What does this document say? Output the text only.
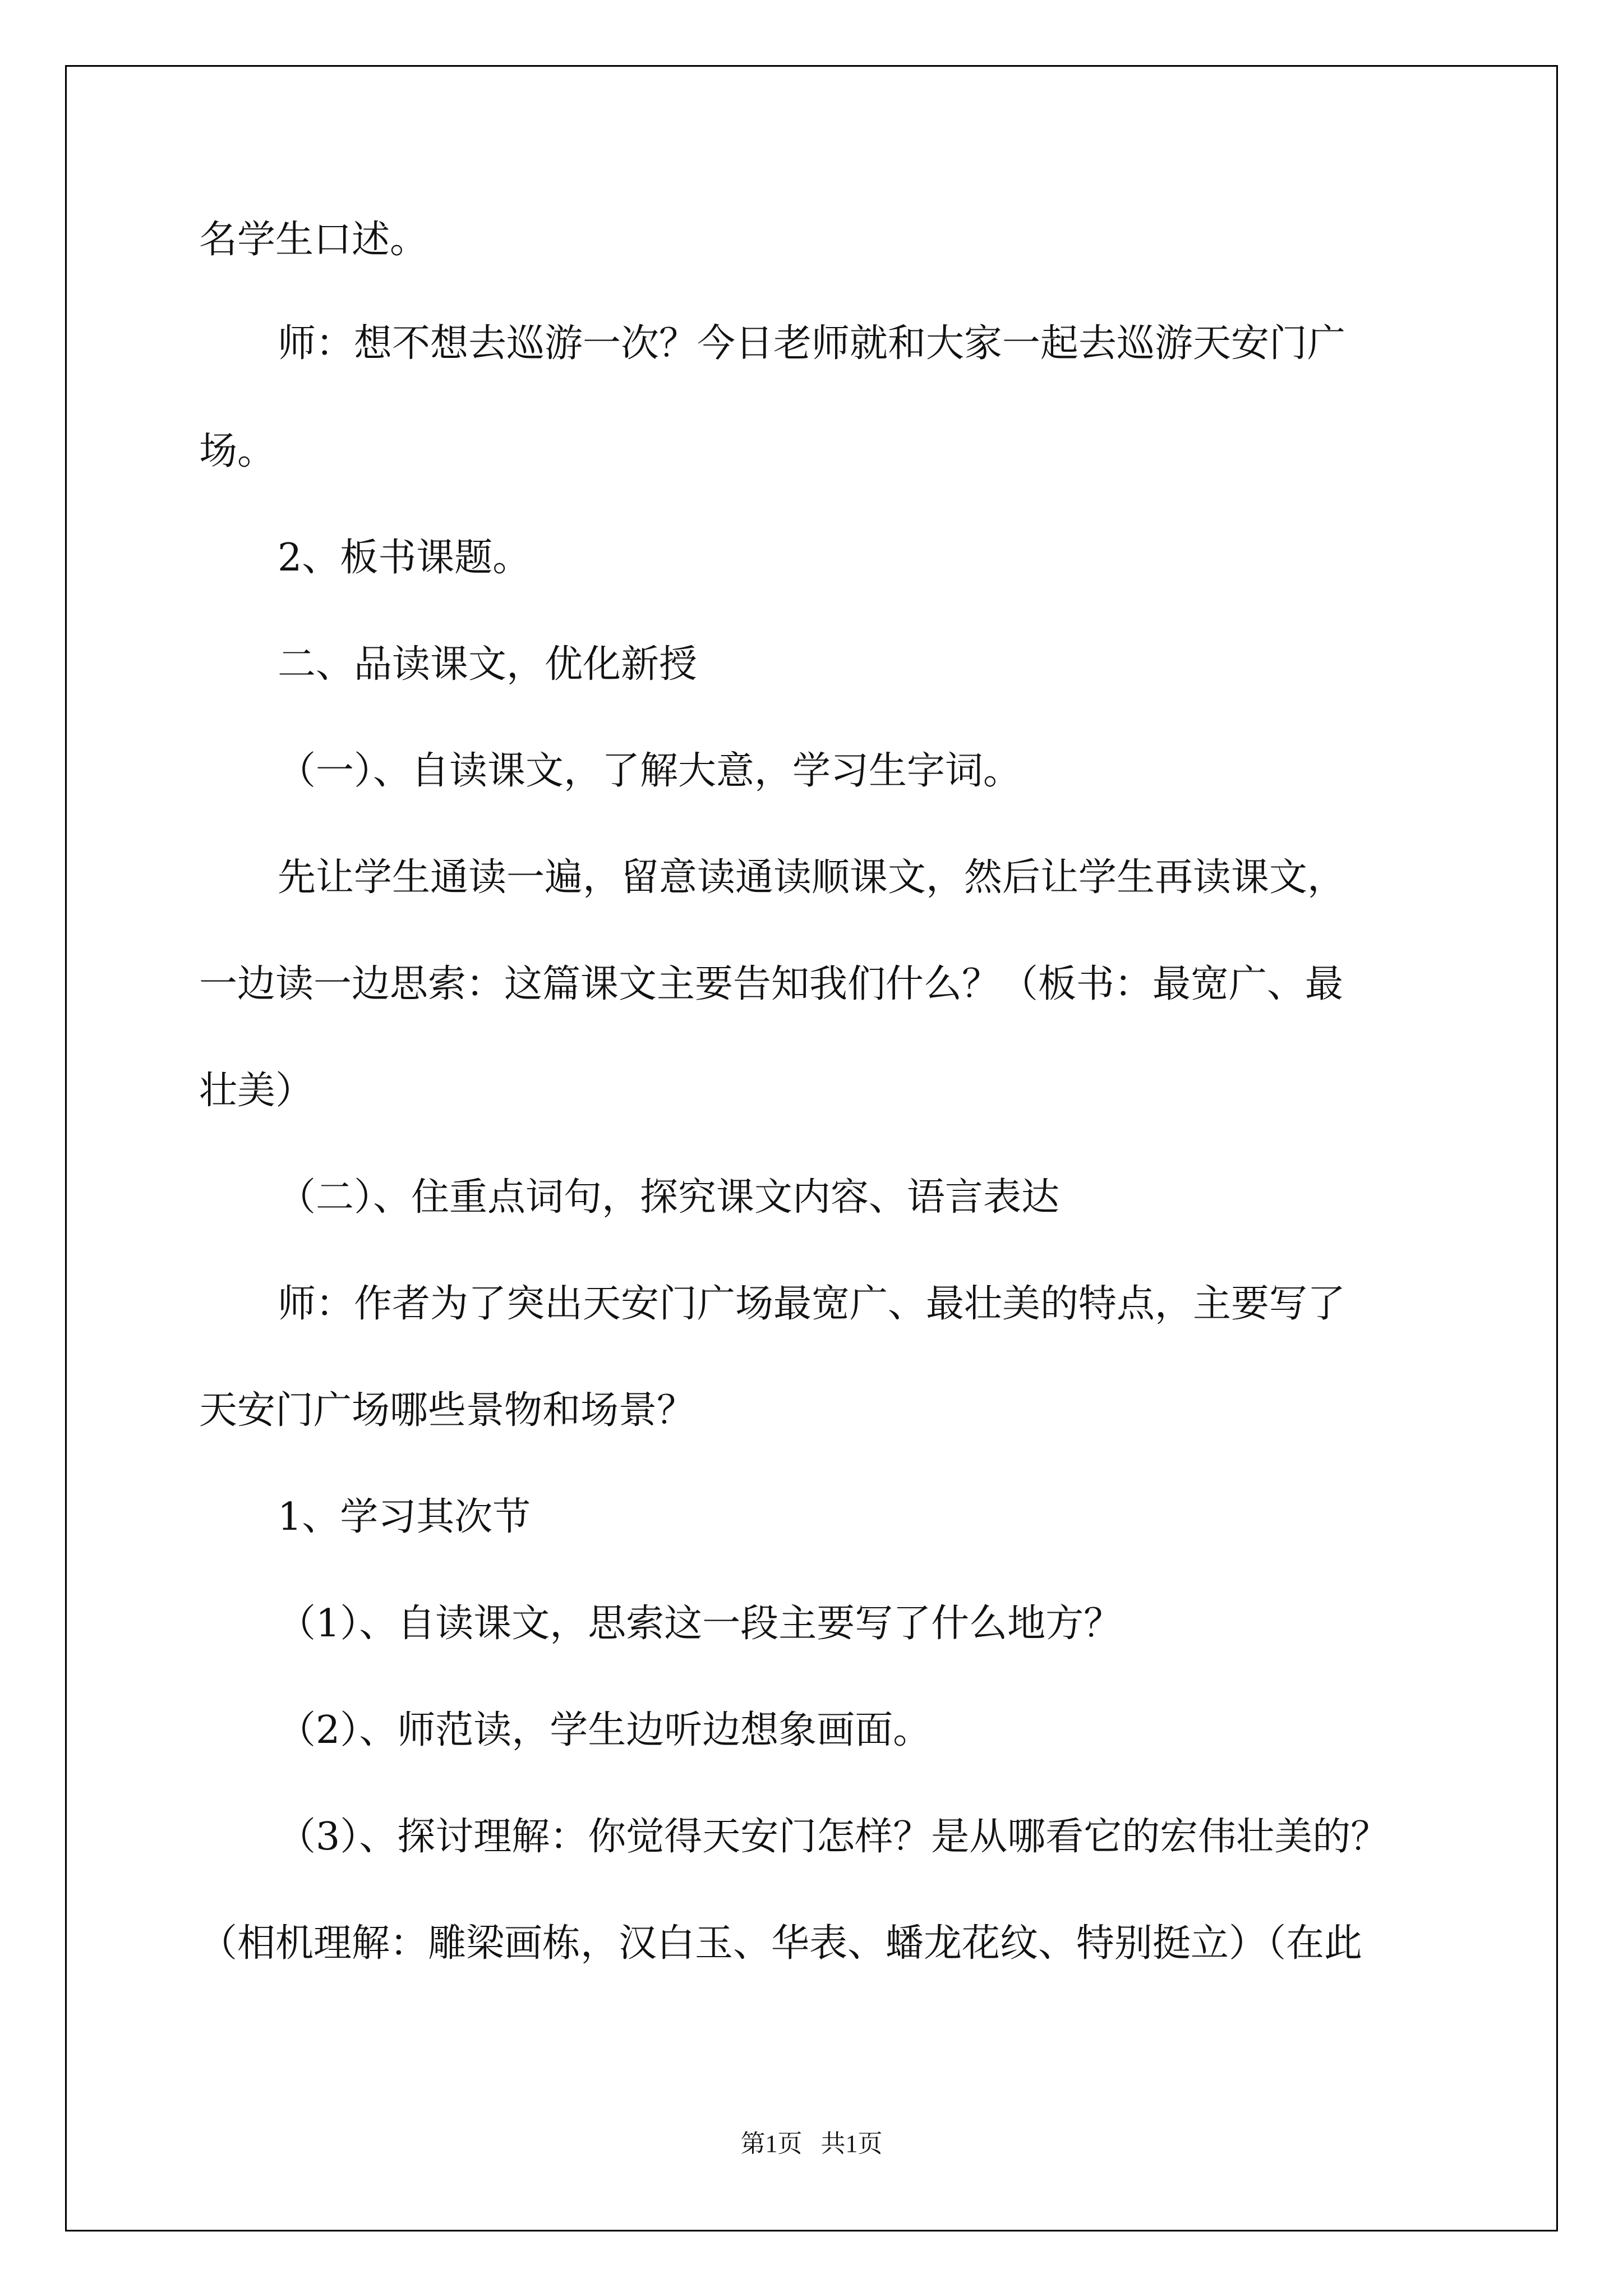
名学生口述。

师：想不想去巡游一次？今日老师就和大家一起去巡游天安门广

场。

2、板书课题。

二、品读课文，优化新授

（一）、自读课文，了解大意，学习生字词。

先让学生通读一遍，留意读通读顺课文，然后让学生再读课文，

一边读一边思索：这篇课文主要告知我们什么？（板书：最宽广、最

壮美）

（二）、住重点词句，探究课文内容、语言表达

师：作者为了突出天安门广场最宽广、最壮美的特点，主要写了

天安门广场哪些景物和场景？

1、学习其次节

（1）、自读课文，思索这一段主要写了什么地方？

（2）、师范读，学生边听边想象画面。

（3）、探讨理解：你觉得天安门怎样？是从哪看它的宏伟壮美的？

（相机理解：雕梁画栋，汉白玉、华表、蟠龙花纹、特别挺立）（在此

第1页   共1页
